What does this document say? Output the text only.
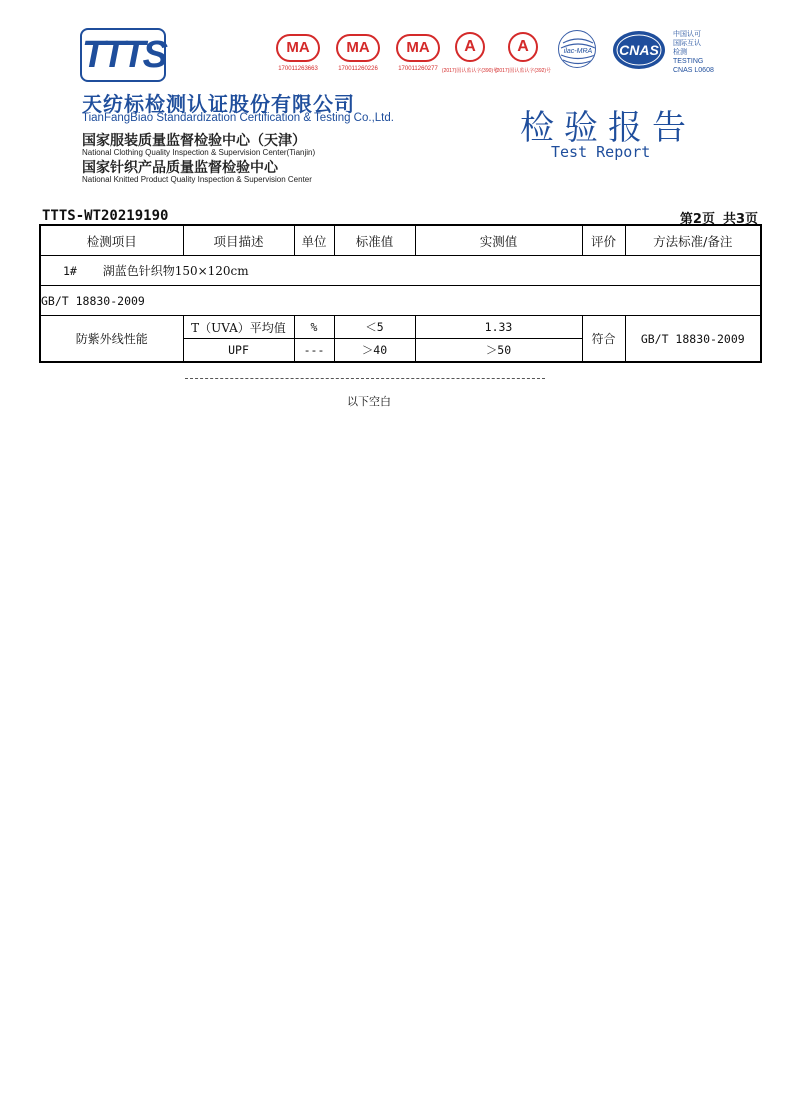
TTTS
天纺标检测认证股份有限公司
TianFangBiao Standardization Certification & Testing Co.,Ltd.
国家服装质量监督检验中心（天津）
National Clothing Quality Inspection & Supervision Center(Tianjin)
国家针织产品质量监督检验中心
National Knitted Product Quality Inspection & Supervision Center
MA
170011263663
MA
170011260226
MA
170011260277
A
(2017)国认监认字(390)号
A
(2017)国认监认字(392)号
ilac-MRA CNAS
中国认可
国际互认
检测
TESTING
CNAS L0608
检验报告
Test Report
TTTS-WT20219190	第2页 共3页
检测项目	项目描述	单位	标准值	实测值	评价	方法标准/备注
1# 湖蓝色针织物150×120cm						
GB/T 18830-2009						
防紫外线性能	T（UVA）平均值	%	＜5	1.33	符合	GB/T 18830-2009
	UPF	---	＞40	＞50		
以下空白
